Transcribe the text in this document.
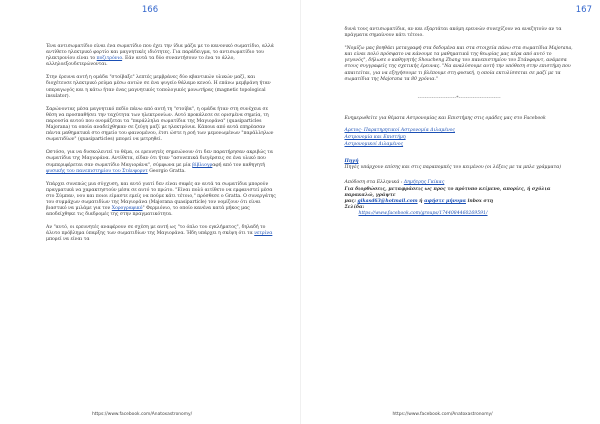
166

Ένα αντισωματίδιο είναι ένα σωματίδιο που έχει την ίδια μάζα με το κανονικό σωματίδιο, αλλά αντίθετο ηλεκτρικό φορτίο και μαγνητικές ιδιότητες. Για παράδειγμα, το αντισωματίδιο του ηλεκτρονίου είναι το ποζιτρόνιο. Εάν αυτά τα δύο συναντήσουν το ένα το άλλο, αλληλοεξουδετερώνονται.

Στην έρευνα αυτή η ομάδα "στοίβαξε" λεπτές μεμβράνες δύο κβαντικών υλικών μαζί, και διοχέτευσε ηλεκτρικό ρεύμα μέσω αυτών σε ένα ψυγείο θάλαμο κενού. Η επάνω μεμβράνη ήταν υπεραγωγός και η κάτω ήταν ένας μαγνητικός τοπολογικός μονωτήρας (magnetic topological insulator).

Σαρώνοντας μέσα μαγνητικό πεδίο πάνω από αυτή τη "στοίβα", η ομάδα ήταν στη συνέχεια σε θέση να προσπαθήσει την ταχύτητα των ηλεκτρονίων. Αυτό προκάλεσε σε ορισμένα σημεία, τη παρουσία αυτού που ονομάζεται τα "παράλληλα σωματίδια της Μαγιοράνα" (quasiparticles Majorana) τα οποία αναδείχθηκαν σε ζεύγη μαζί με ηλεκτρόνια. Κάποια από αυτά επηρέασαν πάντα μαθηματικά στο σημείο του φαινομένου, έτσι ώστε η ροή των μεμονωμένων "παράλληλων σωματιδίων" (quasiparticles) μπορεί να μετρηθεί.

Ωστόσο, για να δυσκολευτεί το θέμα, οι ερευνητές σημειώνουν ότι δεν παρατήρησαν ακριβώς τα σωματίδια της Μαγιοράνα. Αντίθετα, είδαν ότι ήταν "ασυνεπικά διεγέρσεις σε ένα υλικό που συμπεριφέρεται σαν σωματίδιο Μαγιοράνα", σύμφωνα με μία βίβλιογραφή από τον καθηγητή φυσικής του πανεπιστημίου του Στάνφορντ Georgio Gratta.

Υπάρχει συνεπώς μια σύγχυση, και αυτό γιατί δεν είναι σαφές αν αυτά τα σωματίδια μπορούν πραγματικά να χαρακτηστούν μέσα σε αυτό το πρώτο. "Είναι πολύ αιτίθετο να εμφανιστεί μέσα στο Σύμπαν, νου και ποιοι είμαστε εμείς να πούμε κάτι τέτοιο," πρόσθεσε ο Gratta. Ο συνεργάτης του συμμάχων σωματιδίων της Μαγιοράνα (Majorana quasiparticle) τον νομίζουν ότι είναι βιαστικό να μιλάμε για τον Χορογραφικό" Φερμιόνιο, το οποίο κανένα κατά μήκος μας αποδείχθηκε τις διαδρομές της στην πραγματικότητα.

Αν "αυτό, οι ερευνητές αναφέρουν σε σχέση με αυτή ως "το όπλο του εγκλήματος", δηλαδή το άλυτο πρόβλημα ύπαρξης των σωματιδίων της Μαγιοράνα. Ήδη υπάρχει η σκέψη ότι τα νετρίνα μπορεί να είναι τα

https://www.facebook.com/Anatoxastronomy/
167

δυνά τους αντισωματίδια, αν και εξαρτάται ακόμη ερευνών συνεχίζουν να αναζητούν αν τα πράγματα σημαίνουν κάτι τέτοιο.

"Νομίζω μας βοηθάει μεταγραφή στα δεδομένα και στα στοιχεία πάνω στα σωματίδια Majorana, και είναι πολύ πρόσφατο να κάνουμε τα μαθηματικά της θεωρίας μας πέρα από αυτό το γεγονός", δήλωσε ο καθηγητής Shoucheng Zhang του πανεπιστημίου του Στάνφορντ, ανάμεσα στους συγγραφείς της σχετικής έρευνας. "Να αναλύσουμε αυτή την υπόθεση στην επιστήμη που απαιτείται, για να εξηγήσουμε τι βλέπουμε στη φυσική, η οποία εκτυλίσσεται σε μαζί με τα σωματίδια της Majorana τα 80 χρόνια."

----------------------*------------------------
Ενημερωθείτε για θέματα Αστρονομίας και Επιστήμης στις ομάδες μας στο Facebook
Αρετος- Παρατηρητικοί Αστρονομία Διλαμένος
Αστρονομία και Επιστήμη
Αστρονομικοί Διλαμένος
Πηγή
Πηγές υπάρχουν επίσης και στις παραπομπές του κειμένου (οι λέξεις με τα μπλε γράμματα)
Απόδοση στα Ελληνικά : Δημήτρης Γκίκας
Για διορθώσεις, μεταφράσεις ως προς το πρότυπο κείμενο, απορίες, ή σχόλια παρακαλώ, γράψτε
μας: gikasd63@hotmail.com ή αφήστε μήνυμα inbox στη
Σελίδα:
https://www.facebook.com/groups/1744084460269591/
https://www.facebook.com/Anatoxastronomy/
